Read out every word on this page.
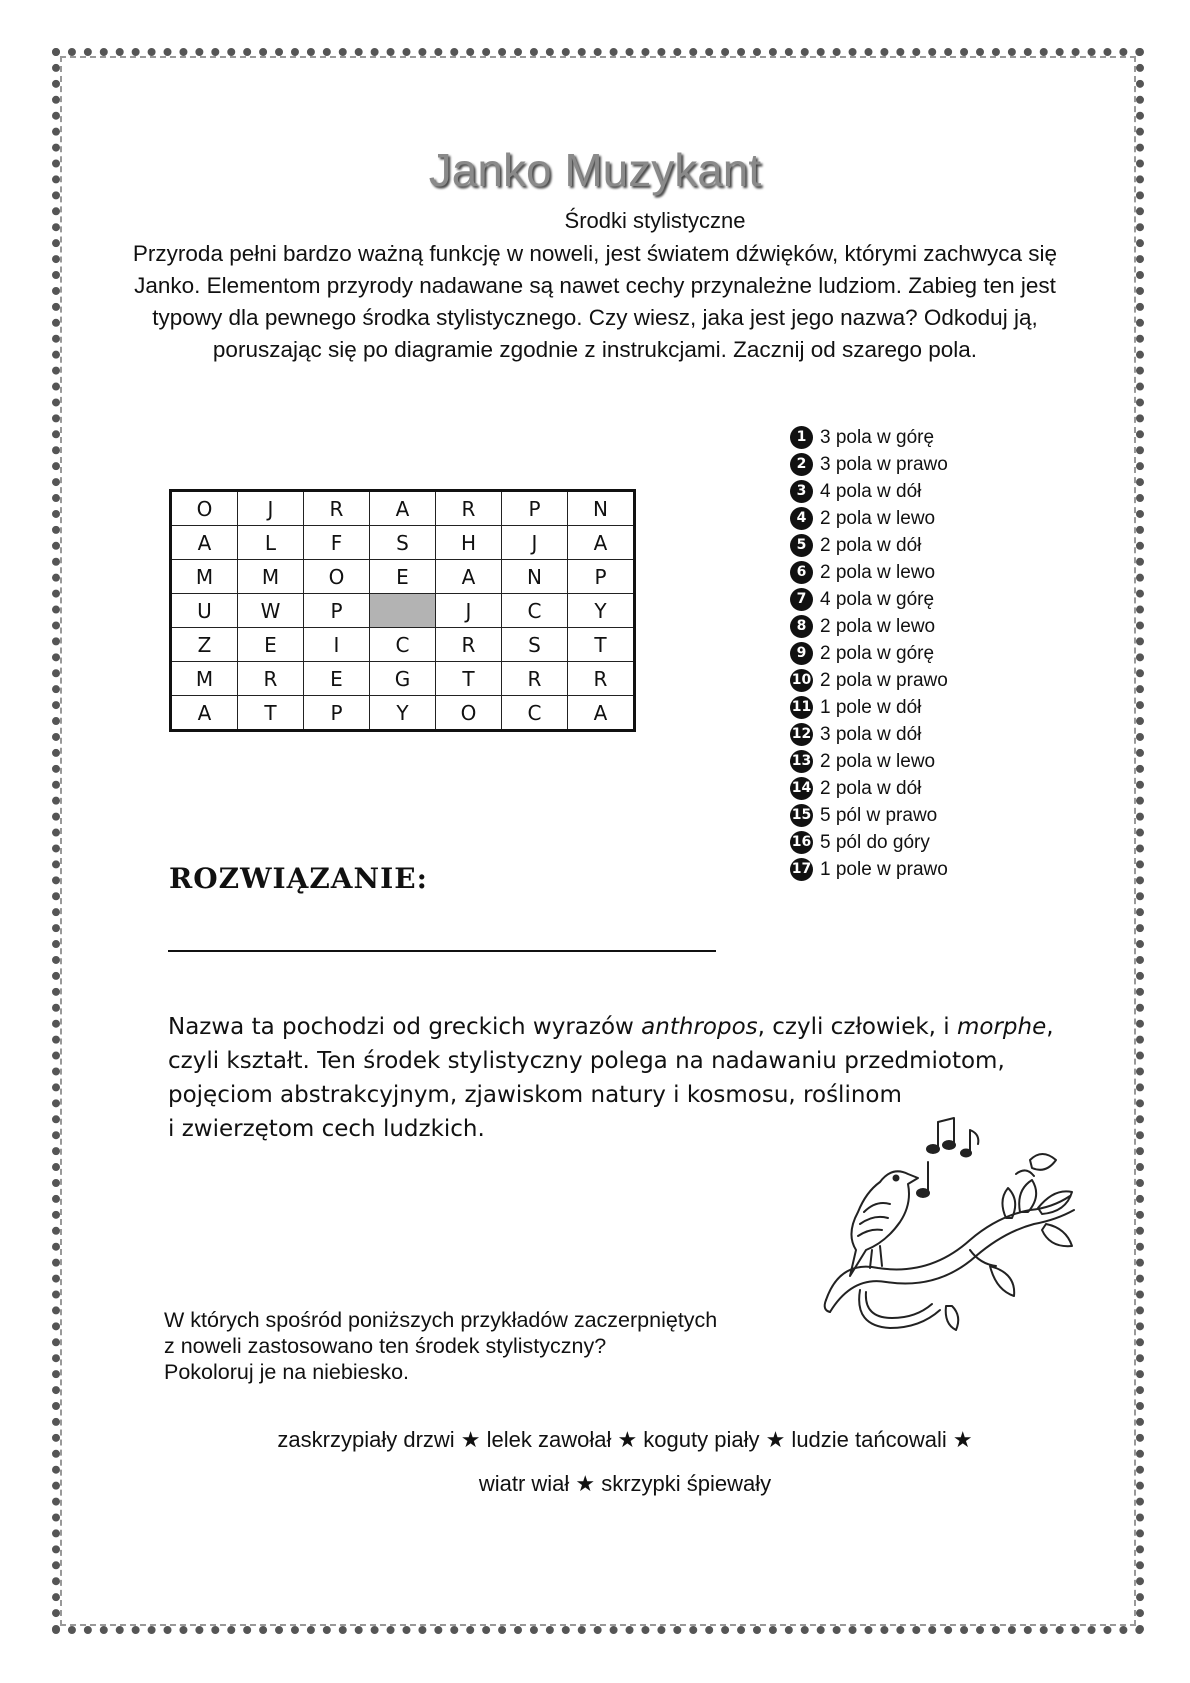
Janko Muzykant
Środki stylistyczne
Przyroda pełni bardzo ważną funkcję w noweli, jest światem dźwięków, którymi zachwyca się
Janko. Elementom przyrody nadawane są nawet cechy przynależne ludziom. Zabieg ten jest
typowy dla pewnego środka stylistycznego. Czy wiesz, jaka jest jego nazwa? Odkoduj ją,
poruszając się po diagramie zgodnie z instrukcjami. Zacznij od szarego pola.
O	J	R	A	R	P	N
A	L	F	S	H	J	A
M	M	O	E	A	N	P
U	W	P		J	C	Y
Z	E	I	C	R	S	T
M	R	E	G	T	R	R
A	T	P	Y	O	C	A
1 3 pola w górę
2 3 pola w prawo
3 4 pola w dół
4 2 pola w lewo
5 2 pola w dół
6 2 pola w lewo
7 4 pola w górę
8 2 pola w lewo
9 2 pola w górę
10 2 pola w prawo
11 1 pole w dół
12 3 pola w dół
13 2 pola w lewo
14 2 pola w dół
15 5 pól w prawo
16 5 pól do góry
17 1 pole w prawo
ROZWIĄZANIE:
Nazwa ta pochodzi od greckich wyrazów anthropos, czyli człowiek, i morphe,
czyli kształt. Ten środek stylistyczny polega na nadawaniu przedmiotom,
pojęciom abstrakcyjnym, zjawiskom natury i kosmosu, roślinom
i zwierzętom cech ludzkich.
W których spośród poniższych przykładów zaczerpniętych
z noweli zastosowano ten środek stylistyczny?
Pokoloruj je na niebiesko.
zaskrzypiały drzwi ★ lelek zawołał ★ koguty piały ★ ludzie tańcowali ★
wiatr wiał ★ skrzypki śpiewały
